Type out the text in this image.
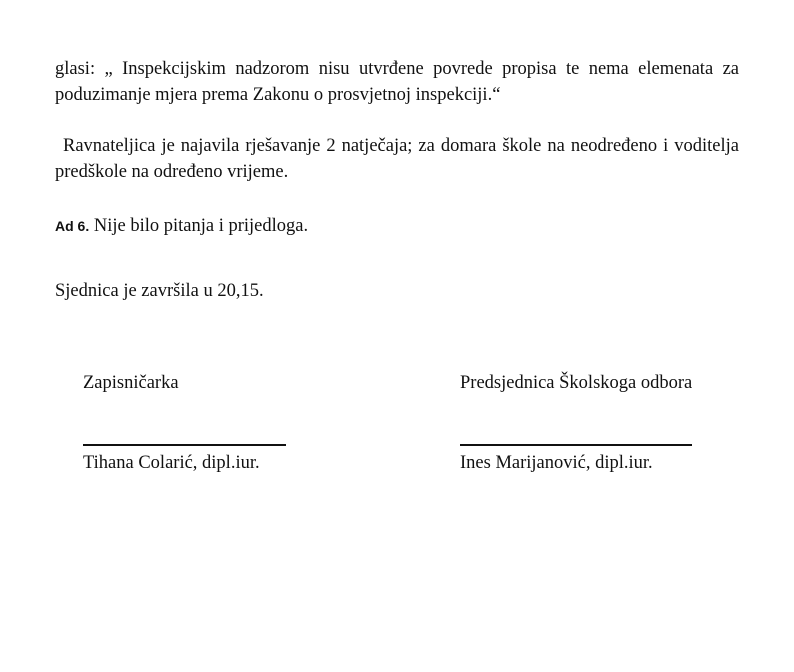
glasi: „ Inspekcijskim nadzorom nisu utvrđene povrede propisa te nema elemenata za poduzimanje mjera prema Zakonu o prosvjetnoj inspekciji.“

Ravnateljica je najavila rješavanje 2 natječaja; za domara škole na neodređeno i voditelja predškole na određeno vrijeme.

Ad 6. Nije bilo pitanja i prijedloga.

Sjednica je završila u 20,15.

Zapisničarka
Tihana Colarić, dipl.iur.
Predsjednica Školskoga odbora
Ines Marijanović, dipl.iur.
